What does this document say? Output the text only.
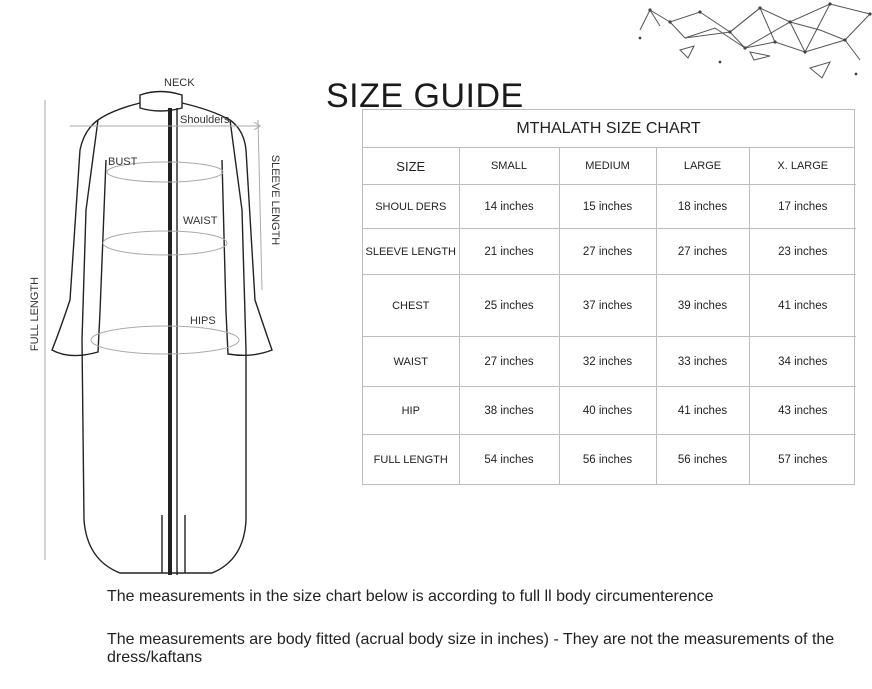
SIZE GUIDE
NECK
Shoulders
BUST
WAIST
HIPS
SLEEVE LENGTH
FULL LENGTH
MTHALATH SIZE CHART
SIZE	SMALL	MEDIUM	LARGE	X. LARGE
SHOUL DERS	14 inches	15 inches	18 inches	17 inches
SLEEVE LENGTH	21 inches	27 inches	27 inches	23 inches
CHEST	25 inches	37 inches	39 inches	41 inches
WAIST	27 inches	32 inches	33 inches	34 inches
HIP	38 inches	40 inches	41 inches	43 inches
FULL LENGTH	54 inches	56 inches	56 inches	57 inches
The measurements in the size chart below is according to full ll body circumenterence
The measurements are body fitted (acrual body size in inches) - They are not the measurements of the dress/kaftans
